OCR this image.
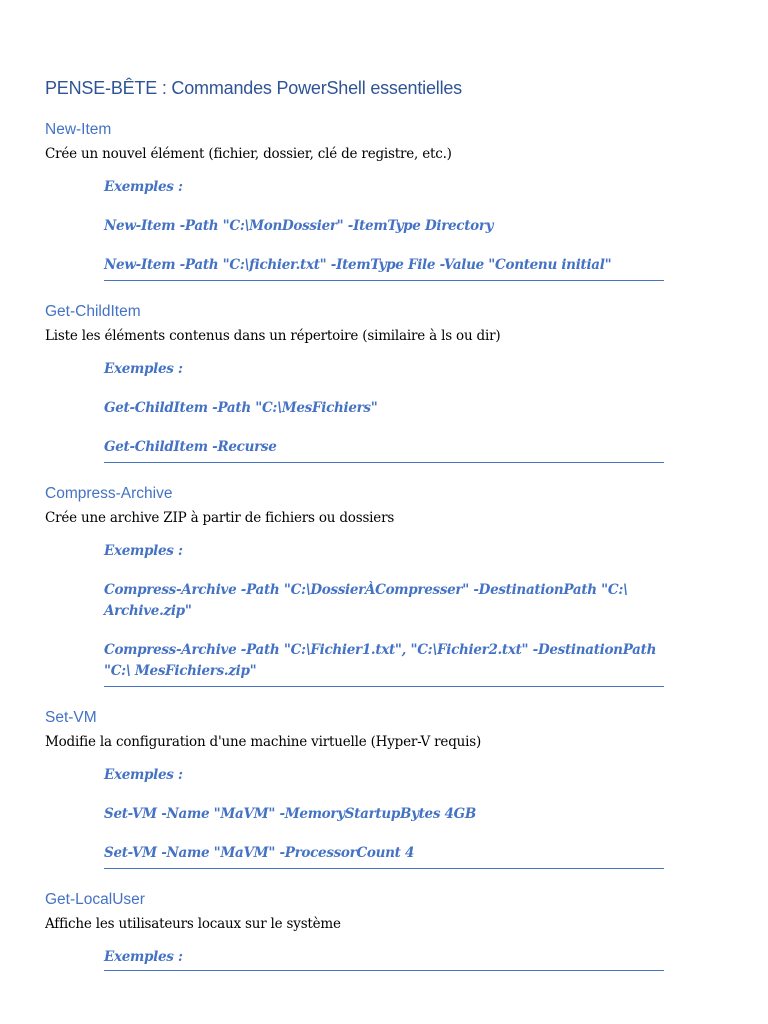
PENSE-BÊTE : Commandes PowerShell essentielles
New-Item

Crée un nouvel élément (fichier, dossier, clé de registre, etc.)

Exemples :
New-Item -Path "C:\MonDossier" -ItemType Directory
New-Item -Path "C:\fichier.txt" -ItemType File -Value "Contenu initial"
Get-ChildItem

Liste les éléments contenus dans un répertoire (similaire à ls ou dir)

Exemples :
Get-ChildItem -Path "C:\MesFichiers"
Get-ChildItem -Recurse
Compress-Archive

Crée une archive ZIP à partir de fichiers ou dossiers

Exemples :
Compress-Archive -Path "C:\DossierÀCompresser" -DestinationPath "C:\ Archive.zip"
Compress-Archive -Path "C:\Fichier1.txt", "C:\Fichier2.txt" -DestinationPath "C:\ MesFichiers.zip"
Set-VM

Modifie la configuration d'une machine virtuelle (Hyper-V requis)

Exemples :
Set-VM -Name "MaVM" -MemoryStartupBytes 4GB
Set-VM -Name "MaVM" -ProcessorCount 4
Get-LocalUser

Affiche les utilisateurs locaux sur le système

Exemples :
